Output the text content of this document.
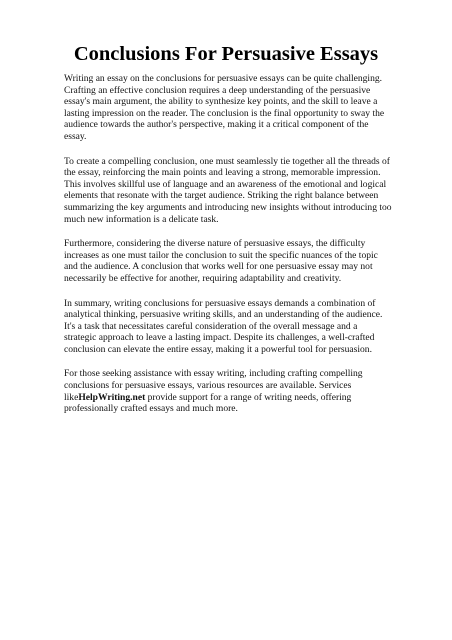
Conclusions For Persuasive Essays

Writing an essay on the conclusions for persuasive essays can be quite challenging. Crafting an effective conclusion requires a deep understanding of the persuasive essay's main argument, the ability to synthesize key points, and the skill to leave a lasting impression on the reader. The conclusion is the final opportunity to sway the audience towards the author's perspective, making it a critical component of the essay.

To create a compelling conclusion, one must seamlessly tie together all the threads of the essay, reinforcing the main points and leaving a strong, memorable impression. This involves skillful use of language and an awareness of the emotional and logical elements that resonate with the target audience. Striking the right balance between summarizing the key arguments and introducing new insights without introducing too much new information is a delicate task.

Furthermore, considering the diverse nature of persuasive essays, the difficulty increases as one must tailor the conclusion to suit the specific nuances of the topic and the audience. A conclusion that works well for one persuasive essay may not necessarily be effective for another, requiring adaptability and creativity.

In summary, writing conclusions for persuasive essays demands a combination of analytical thinking, persuasive writing skills, and an understanding of the audience. It's a task that necessitates careful consideration of the overall message and a strategic approach to leave a lasting impact. Despite its challenges, a well-crafted conclusion can elevate the entire essay, making it a powerful tool for persuasion.

For those seeking assistance with essay writing, including crafting compelling conclusions for persuasive essays, various resources are available. Services likeHelpWriting.net provide support for a range of writing needs, offering professionally crafted essays and much more.
